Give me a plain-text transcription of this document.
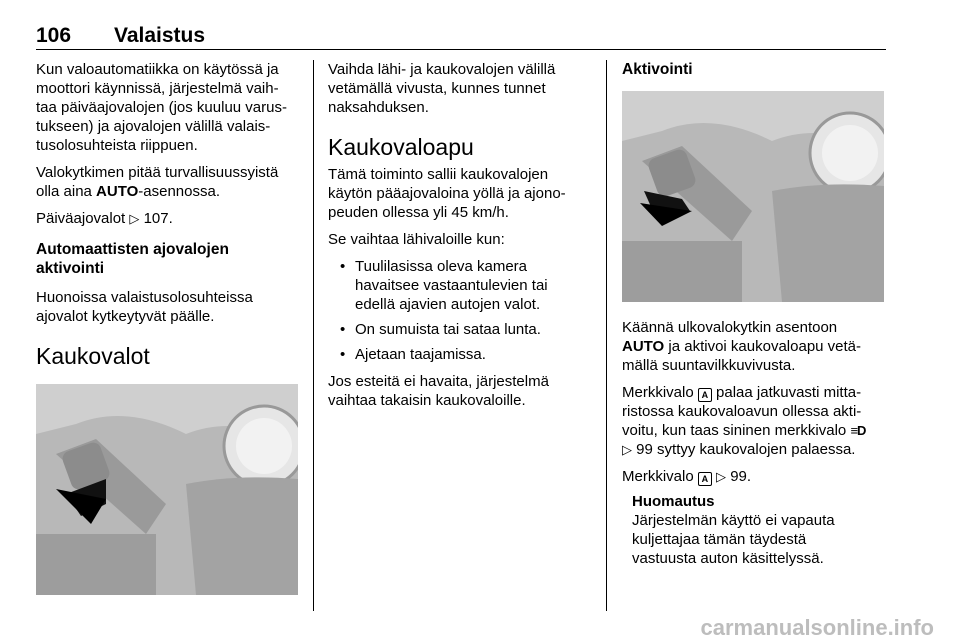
106 Valaistus

Kun valoautomatiikka on käytössä ja
moottori käynnissä, järjestelmä vaih-
taa päiväajovalojen (jos kuuluu varus-
tukseen) ja ajovalojen välillä valais-
tusolosuhteista riippuen.

Valokytkimen pitää turvallisuussyistä
olla aina AUTO-asennossa.

Päiväajovalot ▷ 107.

Automaattisten ajovalojen
aktivointi

Huonoissa valaistusolosuhteissa
ajovalot kytkeytyvät päälle.

Kaukovalot

Vaihda lähi- ja kaukovalojen välillä
vetämällä vivusta, kunnes tunnet
naksahduksen.

Kaukovaloapu

Tämä toiminto sallii kaukovalojen
käytön pääajovaloina yöllä ja ajono-
peuden ollessa yli 45 km/h.

Se vaihtaa lähivaloille kun:

• Tuulilasissa oleva kamera
havaitsee vastaantulevien tai
edellä ajavien autojen valot.
• On sumuista tai sataa lunta.
• Ajetaan taajamissa.

Jos esteitä ei havaita, järjestelmä
vaihtaa takaisin kaukovaloille.

Aktivointi

Käännä ulkovalokytkin asentoon
AUTO ja aktivoi kaukovaloapu vetä-
mällä suuntavilkkuvivusta.

Merkkivalo A palaa jatkuvasti mitta-
ristossa kaukovaloavun ollessa akti-
voitu, kun taas sininen merkkivalo ≡D
▷ 99 syttyy kaukovalojen palaessa.

Merkkivalo A ▷ 99.

Huomautus
Järjestelmän käyttö ei vapauta
kuljettajaa tämän täydestä
vastuusta auton käsittelyssä.
carmanualsonline.info
